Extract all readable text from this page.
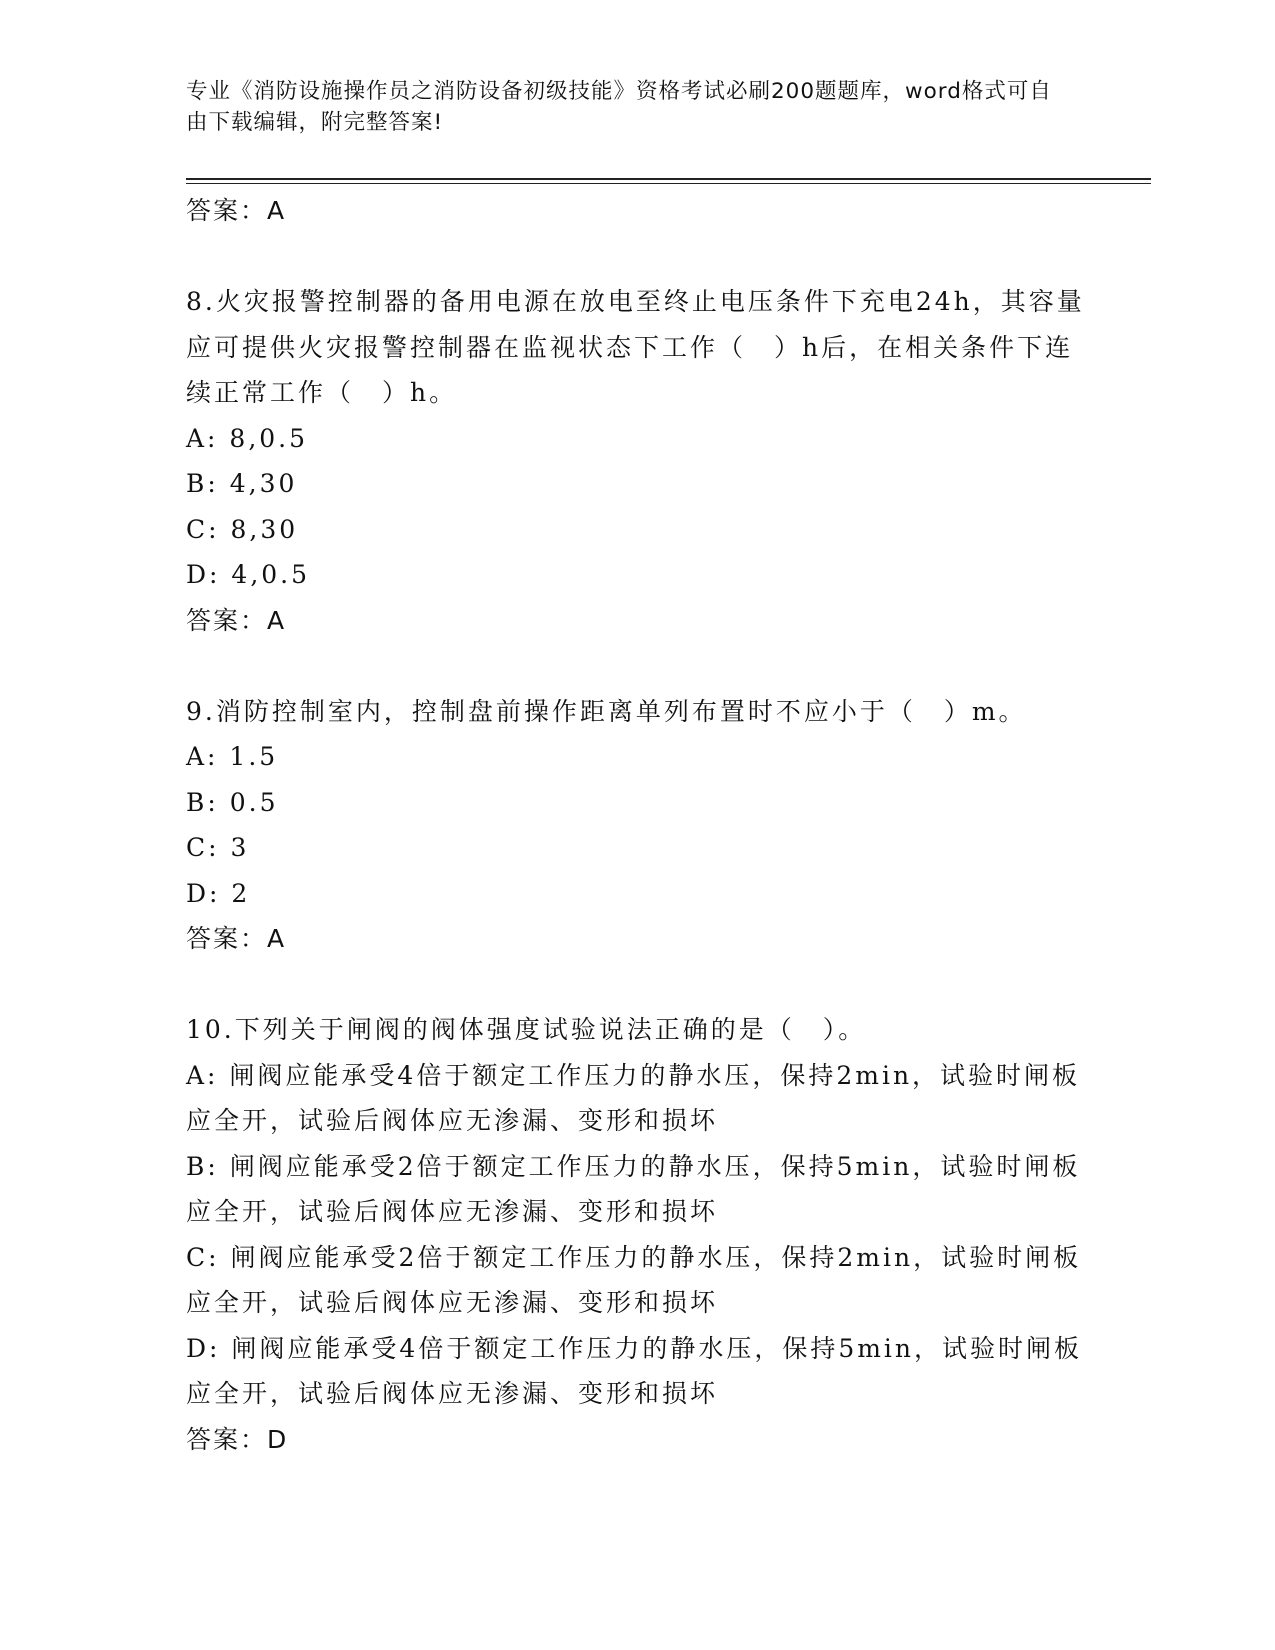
专业《消防设施操作员之消防设备初级技能》资格考试必刷200题题库，word格式可自由下载编辑，附完整答案!
答案：A
8.火灾报警控制器的备用电源在放电至终止电压条件下充电24h，其容量应可提供火灾报警控制器在监视状态下工作（　）h后，在相关条件下连续正常工作（　）h。
A: 8,0.5
B: 4,30
C: 8,30
D: 4,0.5
答案：A
9.消防控制室内，控制盘前操作距离单列布置时不应小于（　）m。
A: 1.5
B: 0.5
C: 3
D: 2
答案：A
10.下列关于闸阀的阀体强度试验说法正确的是（　）。
A: 闸阀应能承受4倍于额定工作压力的静水压，保持2min，试验时闸板应全开，试验后阀体应无渗漏、变形和损坏
B: 闸阀应能承受2倍于额定工作压力的静水压，保持5min，试验时闸板应全开，试验后阀体应无渗漏、变形和损坏
C: 闸阀应能承受2倍于额定工作压力的静水压，保持2min，试验时闸板应全开，试验后阀体应无渗漏、变形和损坏
D: 闸阀应能承受4倍于额定工作压力的静水压，保持5min，试验时闸板应全开，试验后阀体应无渗漏、变形和损坏
答案：D
